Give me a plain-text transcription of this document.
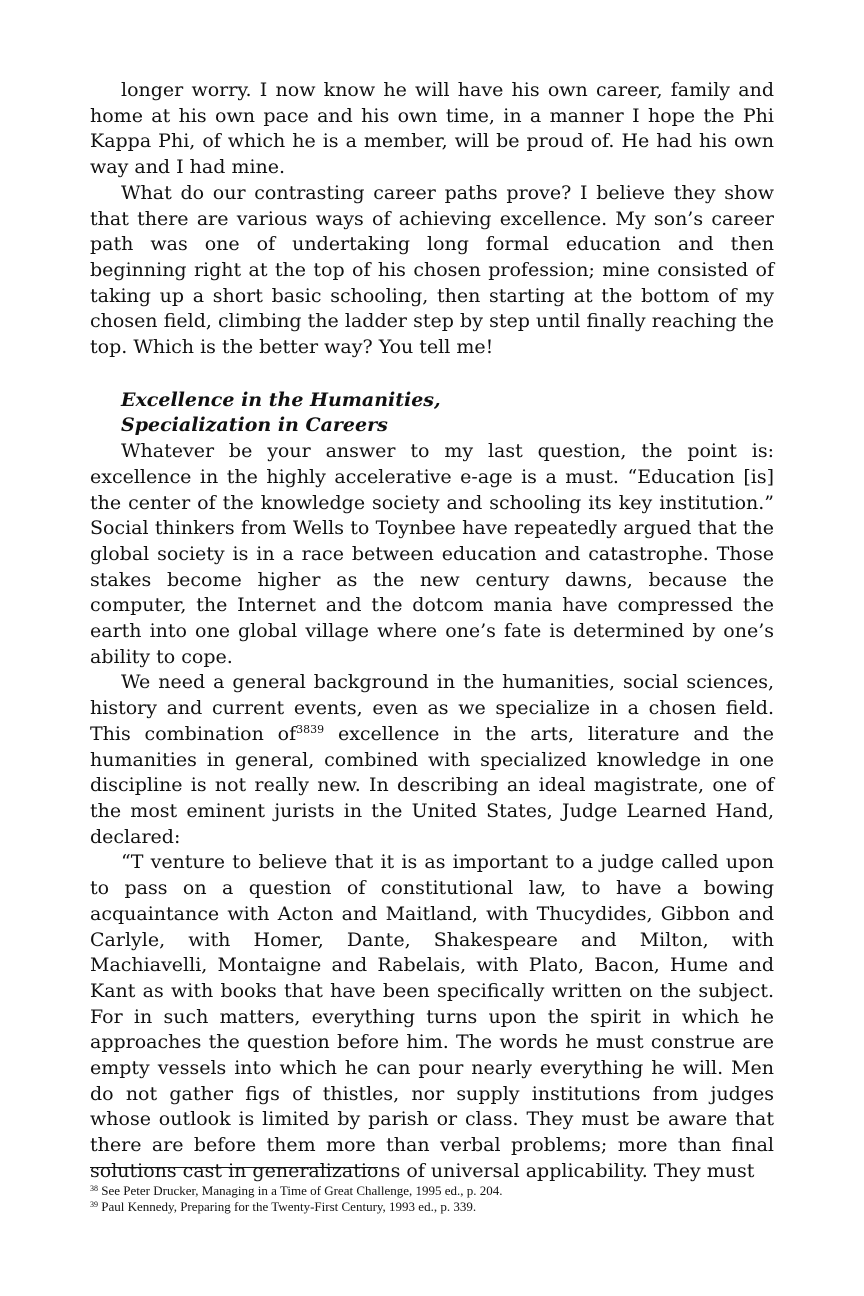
longer worry. I now know he will have his own career, family and home at his own pace and his own time, in a manner I hope the Phi Kappa Phi, of which he is a member, will be proud of. He had his own way and I had mine.

What do our contrasting career paths prove? I believe they show that there are various ways of achieving excellence. My son’s career path was one of undertaking long formal education and then beginning right at the top of his chosen profession; mine consisted of taking up a short basic schooling, then starting at the bottom of my chosen field, climbing the ladder step by step until finally reaching the top. Which is the better way? You tell me!

Excellence in the Humanities,
Specialization in Careers

Whatever be your answer to my last question, the point is: excellence in the highly accelerative e-age is a must. “Education [is] the center of the knowledge society and schooling its key institution.” Social thinkers from Wells to Toynbee have repeatedly argued that the global society is in a race between education and catastrophe. Those stakes become higher as the new century dawns, because the computer, the Internet and the dotcom mania have compressed the earth into one global village where one’s fate is determined by one’s ability to cope.

We need a general background in the humanities, social sciences, history and current events, even as we specialize in a chosen field. This combination $of^{3839}$ excellence in the arts, literature and the humanities in general, combined with specialized knowledge in one discipline is not really new. In describing an ideal magistrate, one of the most eminent jurists in the United States, Judge Learned Hand, declared:

“T venture to believe that it is as important to a judge called upon to pass on a question of constitutional law, to have a bowing acquaintance with Acton and Maitland, with Thucydides, Gibbon and Carlyle, with Homer, Dante, Shakespeare and Milton, with Machiavelli, Montaigne and Rabelais, with Plato, Bacon, Hume and Kant as with books that have been specifically written on the subject. For in such matters, everything turns upon the spirit in which he approaches the question before him. The words he must construe are empty vessels into which he can pour nearly everything he will. Men do not gather figs of thistles, nor supply institutions from judges whose outlook is limited by parish or class. They must be aware that there are before them more than verbal problems; more than final solutions cast in generalizations of universal applicability. They must

$^{38}$ See Peter Drucker, Managing in a Time of Great Challenge, 1995 ed., p. 204.

$^{39}$ Paul Kennedy, Preparing for the Twenty-First Century, 1993 ed., p. 339.
